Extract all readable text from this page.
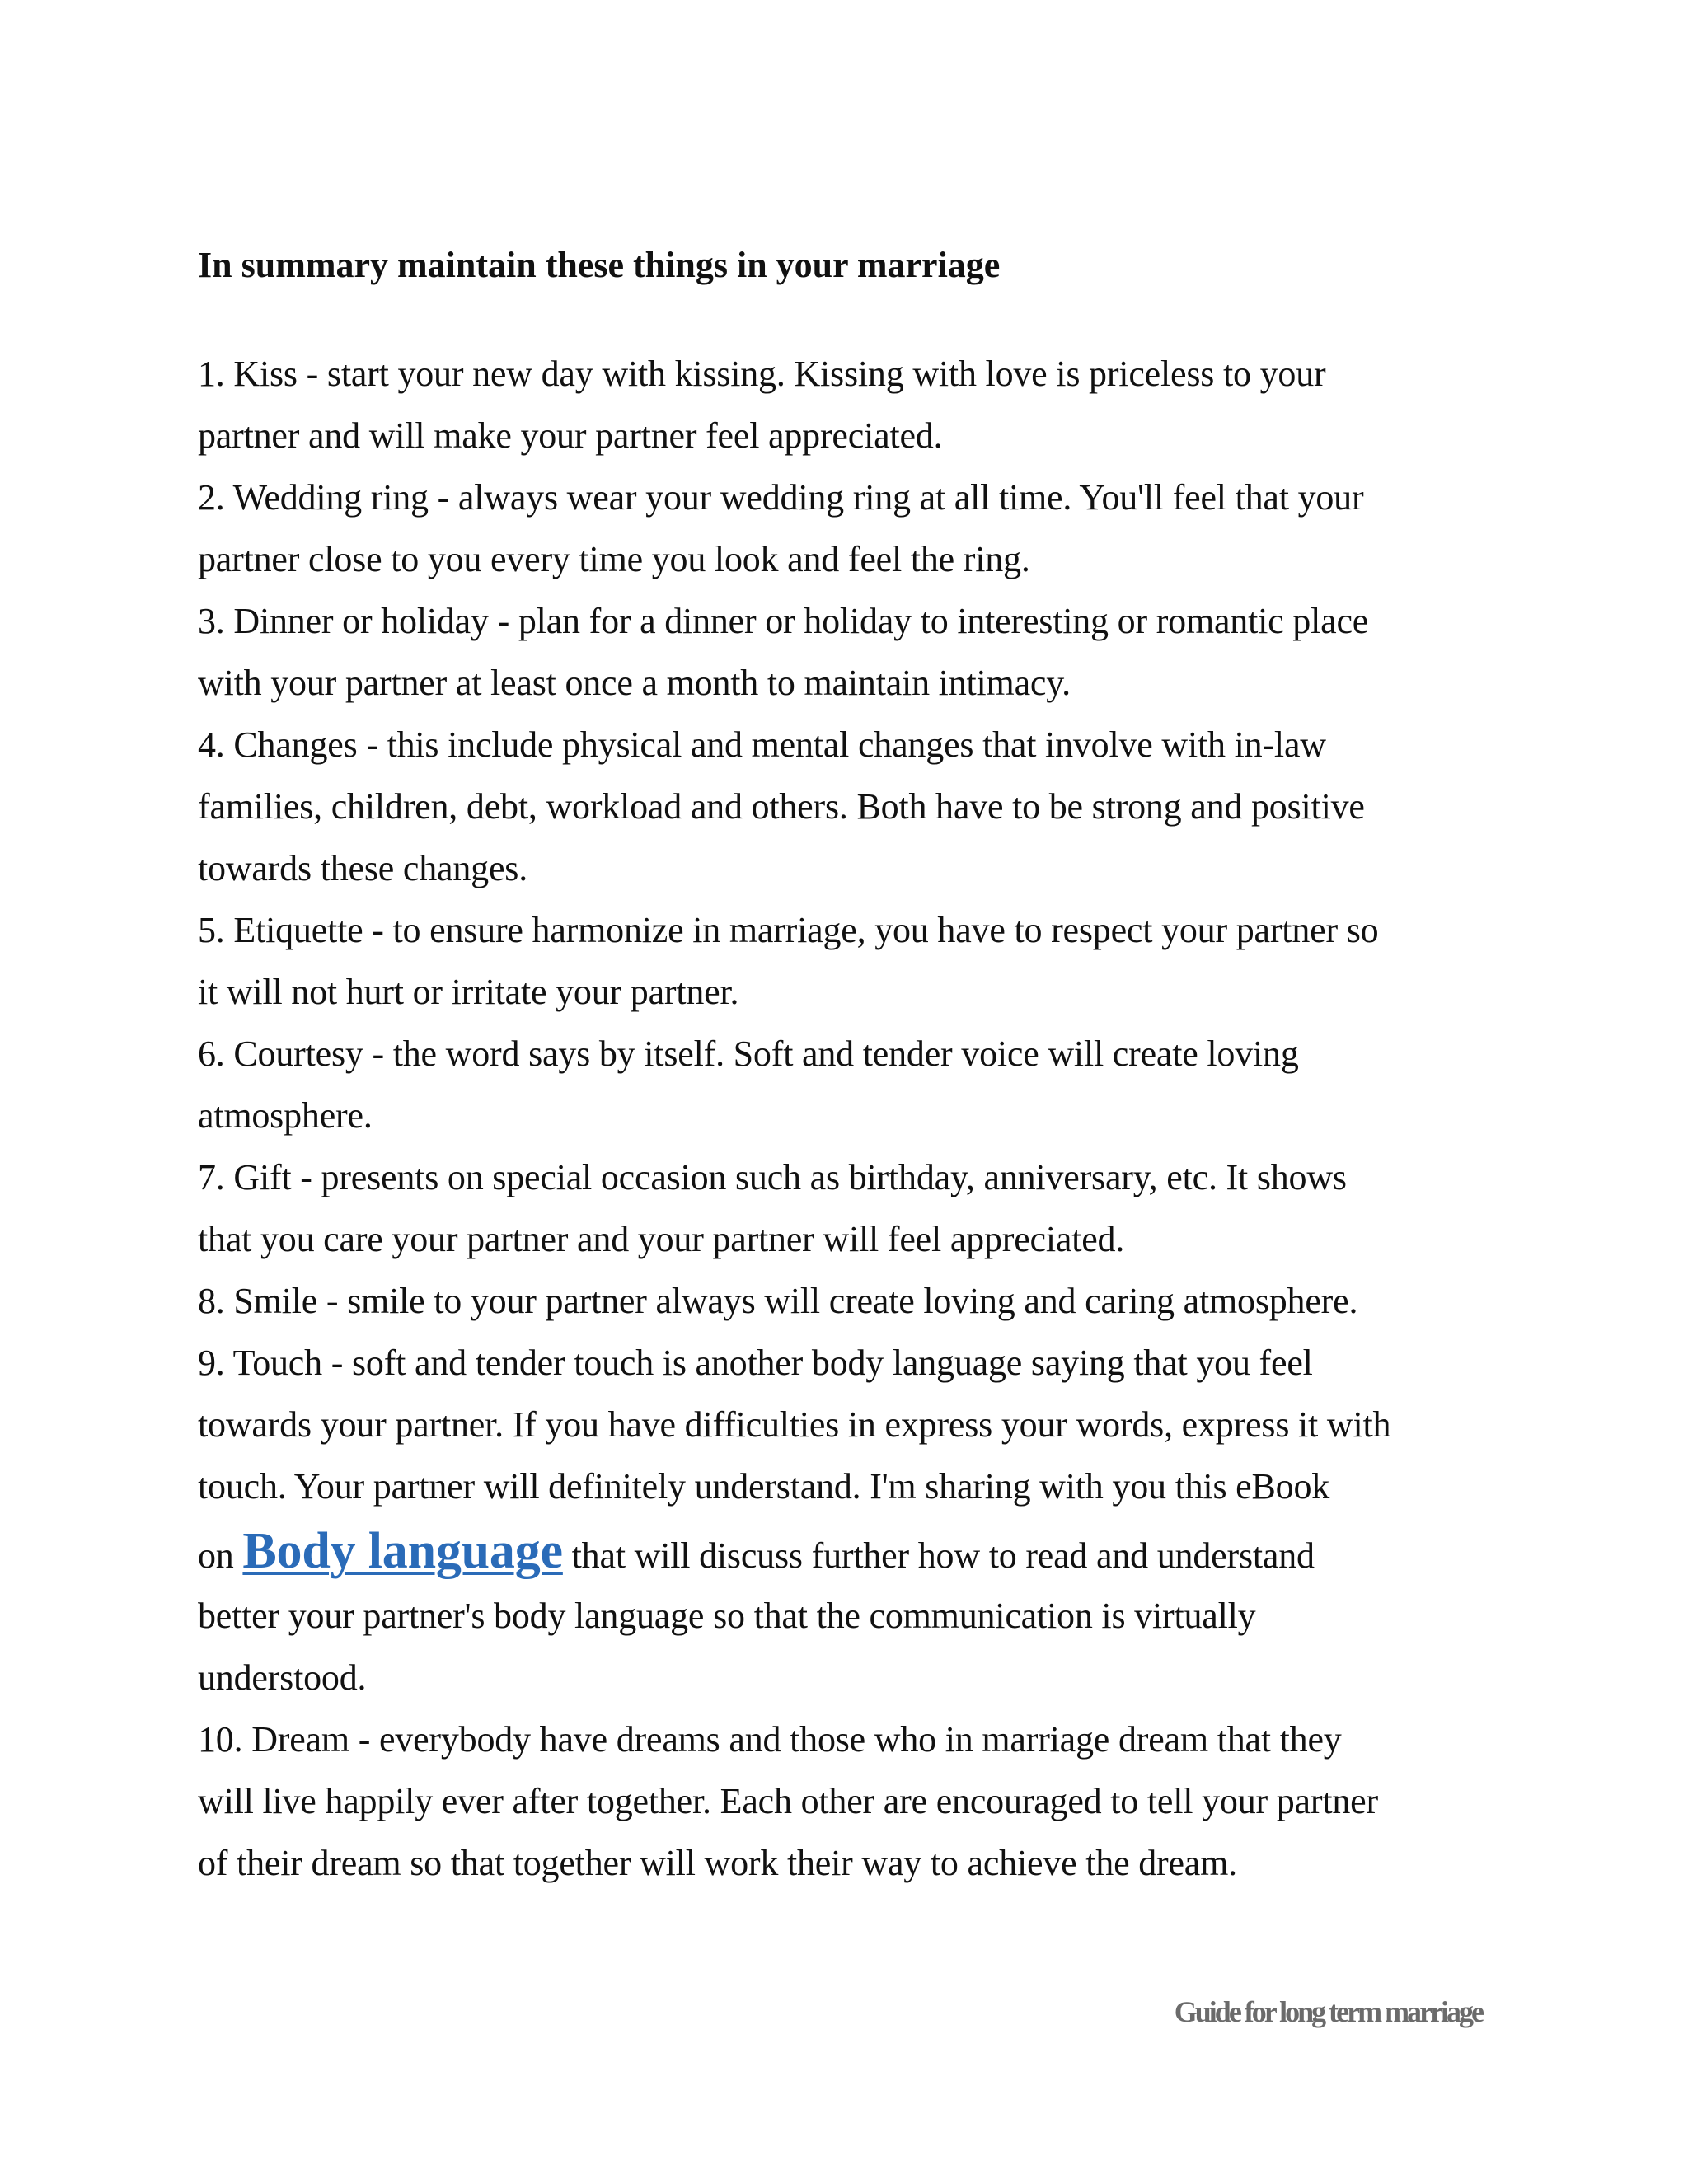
In summary maintain these things in your marriage
1. Kiss - start your new day with kissing. Kissing with love is priceless to your
partner and will make your partner feel appreciated.
2. Wedding ring - always wear your wedding ring at all time. You'll feel that your
partner close to you every time you look and feel the ring.
3. Dinner or holiday - plan for a dinner or holiday to interesting or romantic place
with your partner at least once a month to maintain intimacy.
4. Changes - this include physical and mental changes that involve with in-law
families, children, debt, workload and others. Both have to be strong and positive
towards these changes.
5. Etiquette - to ensure harmonize in marriage, you have to respect your partner so
it will not hurt or irritate your partner.
6. Courtesy - the word says by itself. Soft and tender voice will create loving
atmosphere.
7. Gift - presents on special occasion such as birthday, anniversary, etc. It shows
that you care your partner and your partner will feel appreciated.
8. Smile - smile to your partner always will create loving and caring atmosphere.
9. Touch - soft and tender touch is another body language saying that you feel
towards your partner. If you have difficulties in express your words, express it with
touch. Your partner will definitely understand. I'm sharing with you this eBook
on Body language that will discuss further how to read and understand
better your partner's body language so that the communication is virtually
understood.
10. Dream - everybody have dreams and those who in marriage dream that they
will live happily ever after together. Each other are encouraged to tell your partner
of their dream so that together will work their way to achieve the dream.
Guide for long term marriage
